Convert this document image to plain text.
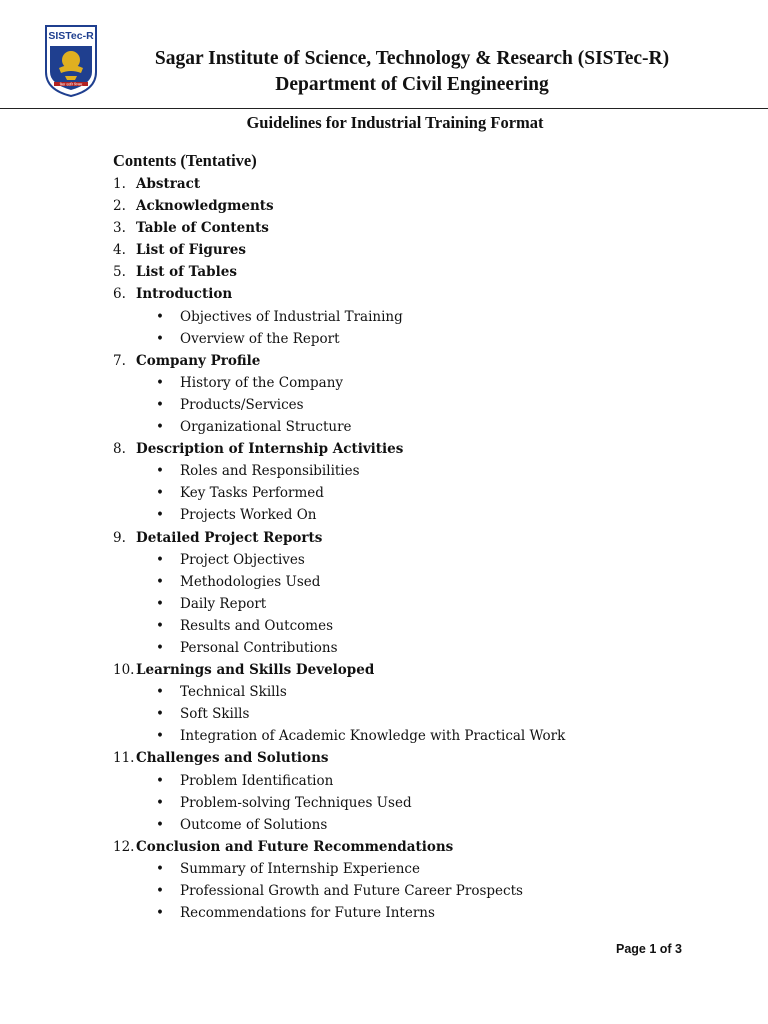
SISTec-R
विद्या ददाति विनयम्
Sagar Institute of Science, Technology & Research (SISTec-R)
Department of Civil Engineering
Guidelines for Industrial Training Format
Contents (Tentative)
1. Abstract
2. Acknowledgments
3. Table of Contents
4. List of Figures
5. List of Tables
6. Introduction
•	Objectives of Industrial Training
•	Overview of the Report
7. Company Profile
•	History of the Company
•	Products/Services
•	Organizational Structure
8. Description of Internship Activities
•	Roles and Responsibilities
•	Key Tasks Performed
•	Projects Worked On
9. Detailed Project Reports
•	Project Objectives
•	Methodologies Used
•	Daily Report
•	Results and Outcomes
•	Personal Contributions
10. Learnings and Skills Developed
•	Technical Skills
•	Soft Skills
•	Integration of Academic Knowledge with Practical Work
11. Challenges and Solutions
•	Problem Identification
•	Problem-solving Techniques Used
•	Outcome of Solutions
12. Conclusion and Future Recommendations
•	Summary of Internship Experience
•	Professional Growth and Future Career Prospects
•	Recommendations for Future Interns
Page 1 of 3
